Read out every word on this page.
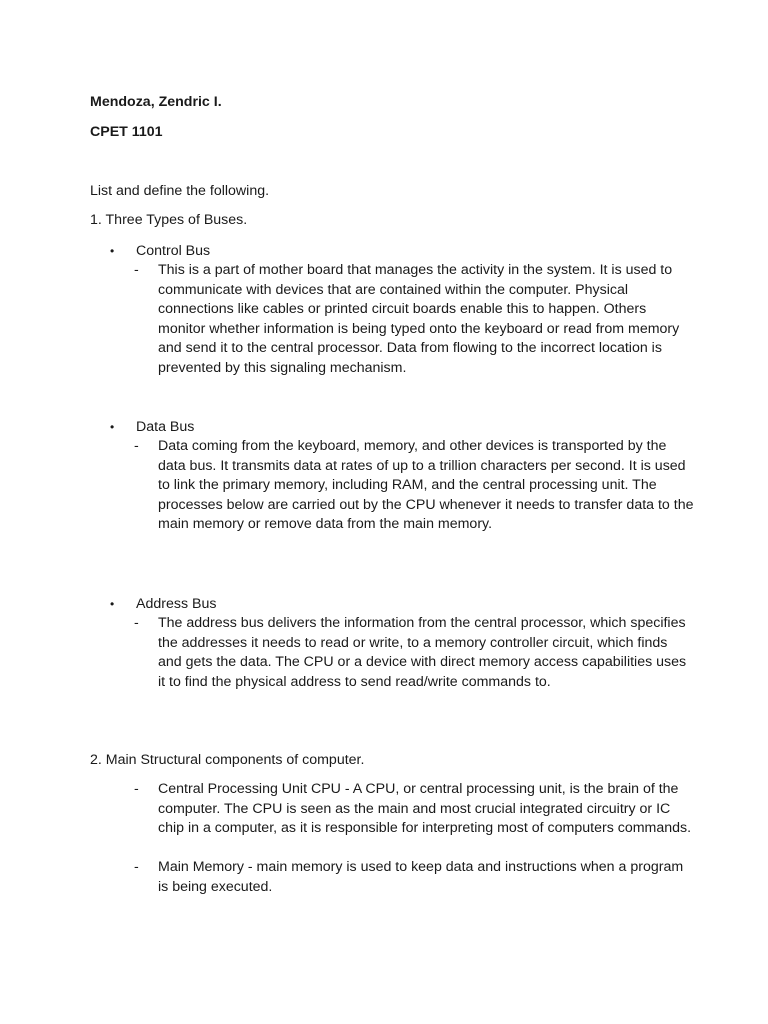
Mendoza, Zendric I.
CPET 1101
List and define the following.
1. Three Types of Buses.
• Control Bus
-	This is a part of mother board that manages the activity in the system. It is used to communicate with devices that are contained within the computer. Physical connections like cables or printed circuit boards enable this to happen. Others monitor whether information is being typed onto the keyboard or read from memory and send it to the central processor. Data from flowing to the incorrect location is prevented by this signaling mechanism.
• Data Bus
-	Data coming from the keyboard, memory, and other devices is transported by the data bus. It transmits data at rates of up to a trillion characters per second. It is used to link the primary memory, including RAM, and the central processing unit. The processes below are carried out by the CPU whenever it needs to transfer data to the main memory or remove data from the main memory.
• Address Bus
-	The address bus delivers the information from the central processor, which specifies the addresses it needs to read or write, to a memory controller circuit, which finds and gets the data. The CPU or a device with direct memory access capabilities uses it to find the physical address to send read/write commands to.
2. Main Structural components of computer.
-	Central Processing Unit CPU - A CPU, or central processing unit, is the brain of the computer. The CPU is seen as the main and most crucial integrated circuitry or IC chip in a computer, as it is responsible for interpreting most of computers commands.
-	Main Memory - main memory is used to keep data and instructions when a program is being executed.
